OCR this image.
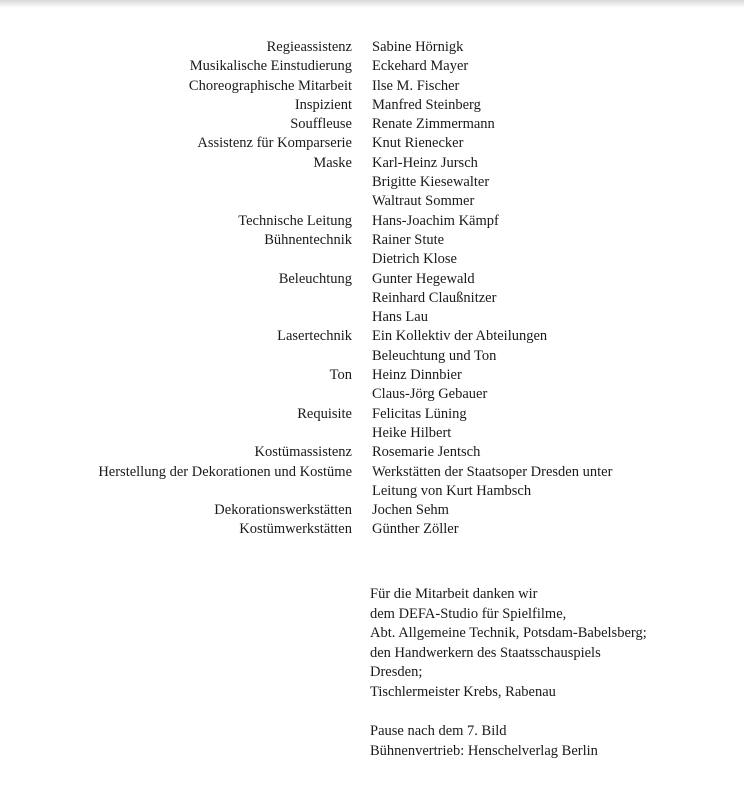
Regieassistenz Sabine Hörnigk
Musikalische Einstudierung Eckehard Mayer
Choreographische Mitarbeit Ilse M. Fischer
Inspizient Manfred Steinberg
Souffleuse Renate Zimmermann
Assistenz für Komparserie Knut Rienecker
Maske Karl-Heinz Jursch
Brigitte Kiesewalter
Waltraut Sommer
Technische Leitung Hans-Joachim Kämpf
Bühnentechnik Rainer Stute
Dietrich Klose
Beleuchtung Gunter Hegewald
Reinhard Claußnitzer
Hans Lau
Lasertechnik Ein Kollektiv der Abteilungen
Beleuchtung und Ton
Ton Heinz Dinnbier
Claus-Jörg Gebauer
Requisite Felicitas Lüning
Heike Hilbert
Kostümassistenz Rosemarie Jentsch
Herstellung der Dekorationen und Kostüme Werkstätten der Staatsoper Dresden unter
Leitung von Kurt Hambsch
Dekorationswerkstätten Jochen Sehm
Kostümwerkstätten Günther Zöller
Für die Mitarbeit danken wir
dem DEFA-Studio für Spielfilme,
Abt. Allgemeine Technik, Potsdam-Babelsberg;
den Handwerkern des Staatsschauspiels
Dresden;
Tischlermeister Krebs, Rabenau
Pause nach dem 7. Bild
Bühnenvertrieb: Henschelverlag Berlin
